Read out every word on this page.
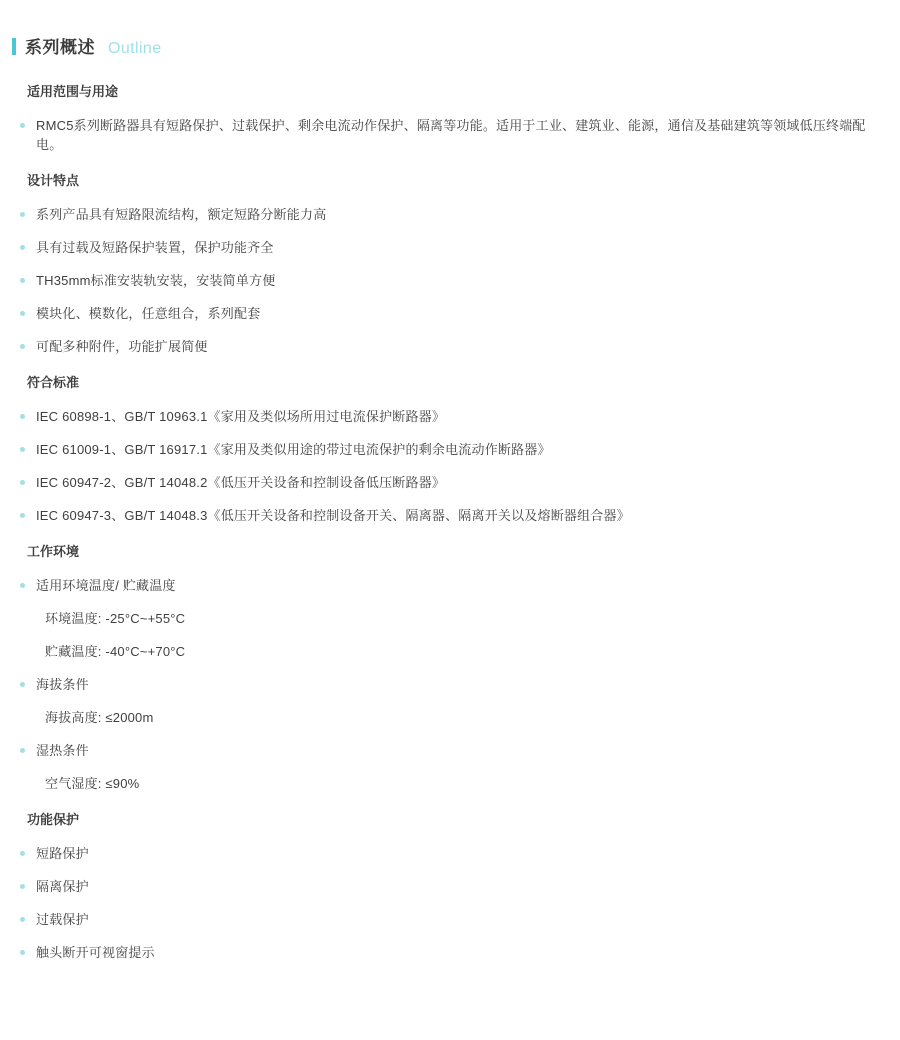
系列概述 Outline
适用范围与用途
RMC5系列断路器具有短路保护、过载保护、剩余电流动作保护、隔离等功能。适用于工业、建筑业、能源，通信及基础建筑等领域低压终端配电。
设计特点
系列产品具有短路限流结构，额定短路分断能力高
具有过载及短路保护装置，保护功能齐全
TH35mm标准安装轨安装，安装简单方便
模块化、模数化，任意组合，系列配套
可配多种附件，功能扩展简便
符合标准
IEC 60898-1、GB/T 10963.1《家用及类似场所用过电流保护断路器》
IEC 61009-1、GB/T 16917.1《家用及类似用途的带过电流保护的剩余电流动作断路器》
IEC 60947-2、GB/T 14048.2《低压开关设备和控制设备低压断路器》
IEC 60947-3、GB/T 14048.3《低压开关设备和控制设备开关、隔离器、隔离开关以及熔断器组合器》
工作环境
适用环境温度/ 贮藏温度
环境温度: -25°C~+55°C
贮藏温度: -40°C~+70°C
海拔条件
海拔高度: ≤2000m
湿热条件
空气湿度: ≤90%
功能保护
短路保护
隔离保护
过载保护
触头断开可视窗提示
